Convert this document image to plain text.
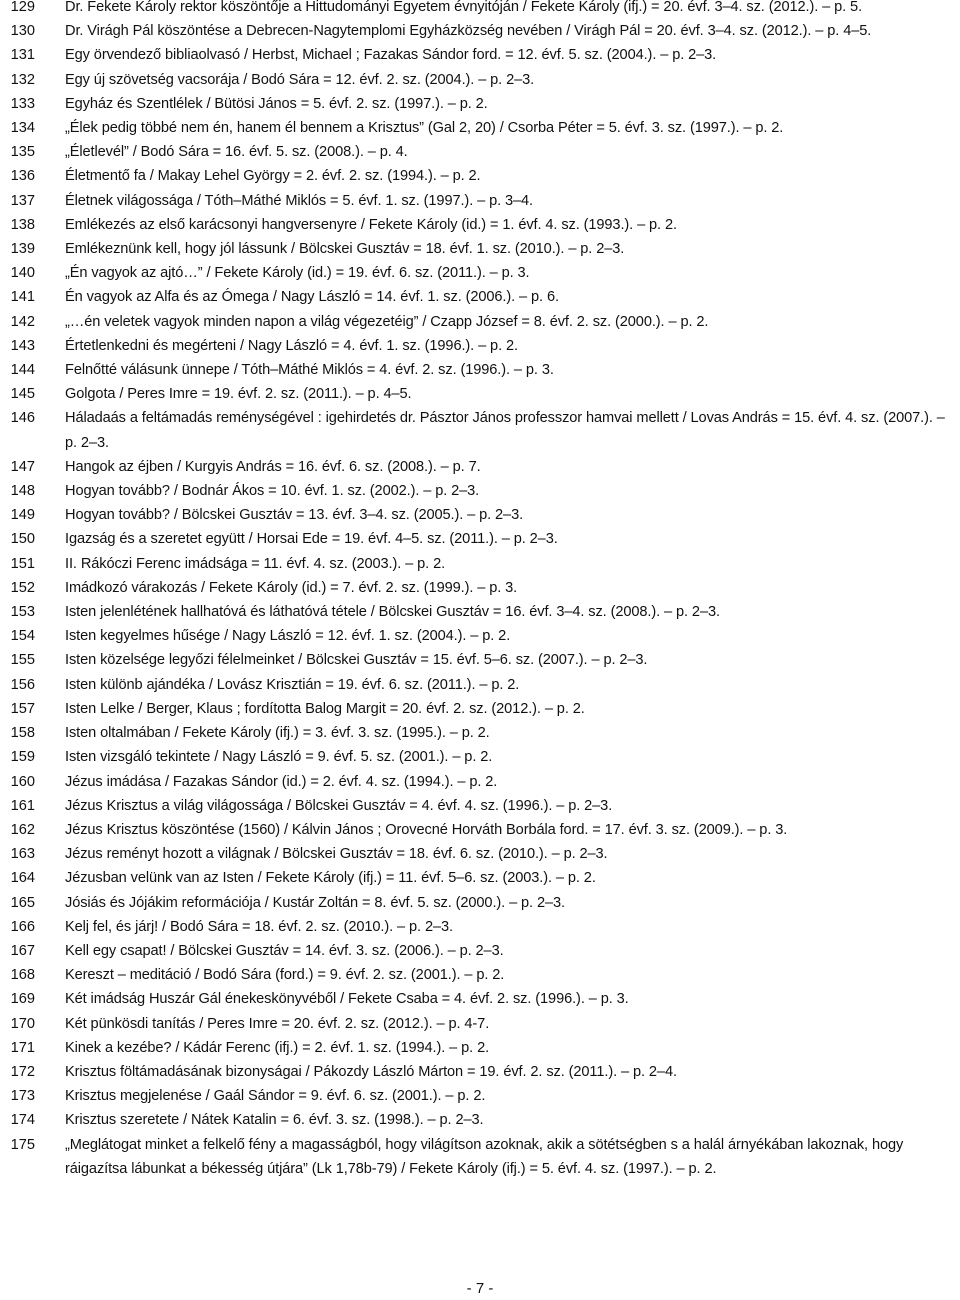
129	Dr. Fekete Károly rektor köszöntője a Hittudományi Egyetem évnyitóján / Fekete Károly (ifj.) = 20. évf. 3–4. sz. (2012.). – p. 5.
130	Dr. Virágh Pál köszöntése a Debrecen-Nagytemplomi Egyházközség nevében / Virágh Pál = 20. évf. 3–4. sz. (2012.). – p. 4–5.
131	Egy örvendező bibliaolvasó / Herbst, Michael ; Fazakas Sándor ford. = 12. évf. 5. sz. (2004.). – p. 2–3.
132	Egy új szövetség vacsorája / Bodó Sára = 12. évf. 2. sz. (2004.). – p. 2–3.
133	Egyház és Szentlélek / Bütösi János = 5. évf. 2. sz. (1997.). – p. 2.
134	„Élek pedig többé nem én, hanem él bennem a Krisztus” (Gal 2, 20) / Csorba Péter = 5. évf. 3. sz. (1997.). – p. 2.
135	„Életlevél” / Bodó Sára = 16. évf. 5. sz. (2008.). – p. 4.
136	Életmentő fa / Makay Lehel György = 2. évf. 2. sz. (1994.). – p. 2.
137	Életnek világossága / Tóth–Máthé Miklós = 5. évf. 1. sz. (1997.). – p. 3–4.
138	Emlékezés az első karácsonyi hangversenyre / Fekete Károly (id.) = 1. évf. 4. sz. (1993.). – p. 2.
139	Emlékeznünk kell, hogy jól lássunk / Bölcskei Gusztáv = 18. évf. 1. sz. (2010.). – p. 2–3.
140	„Én vagyok az ajtó…” / Fekete Károly (id.) = 19. évf. 6. sz. (2011.). – p. 3.
141	Én vagyok az Alfa és az Ómega / Nagy László = 14. évf. 1. sz. (2006.). – p. 6.
142	„…én veletek vagyok minden napon a világ végezetéig” / Czapp József = 8. évf. 2. sz. (2000.). – p. 2.
143	Értetlenkedni és megérteni / Nagy László = 4. évf. 1. sz. (1996.). – p. 2.
144	Felnőtté válásunk ünnepe / Tóth–Máthé Miklós = 4. évf. 2. sz. (1996.). – p. 3.
145	Golgota / Peres Imre = 19. évf. 2. sz. (2011.). – p. 4–5.
146	Háladaás a feltámadás reménységével : igehirdetés dr. Pásztor János professzor hamvai mellett / Lovas András = 15. évf. 4. sz. (2007.). – p. 2–3.
147	Hangok az éjben / Kurgyis András = 16. évf. 6. sz. (2008.). – p. 7.
148	Hogyan tovább? / Bodnár Ákos = 10. évf. 1. sz. (2002.). – p. 2–3.
149	Hogyan tovább? / Bölcskei Gusztáv = 13. évf. 3–4. sz. (2005.). – p. 2–3.
150	Igazság és a szeretet együtt / Horsai Ede = 19. évf. 4–5. sz. (2011.). – p. 2–3.
151	II. Rákóczi Ferenc imádsága = 11. évf. 4. sz. (2003.). – p. 2.
152	Imádkozó várakozás / Fekete Károly (id.) = 7. évf. 2. sz. (1999.). – p. 3.
153	Isten jelenlétének hallhatóvá és láthatóvá tétele / Bölcskei Gusztáv = 16. évf. 3–4. sz. (2008.). – p. 2–3.
154	Isten kegyelmes hűsége / Nagy László = 12. évf. 1. sz. (2004.). – p. 2.
155	Isten közelsége legyőzi félelmeinket / Bölcskei Gusztáv = 15. évf. 5–6. sz. (2007.). – p. 2–3.
156	Isten különb ajándéka / Lovász Krisztián = 19. évf. 6. sz. (2011.). – p. 2.
157	Isten Lelke / Berger, Klaus ; fordította Balog Margit = 20. évf. 2. sz. (2012.). – p. 2.
158	Isten oltalmában / Fekete Károly (ifj.) = 3. évf. 3. sz. (1995.). – p. 2.
159	Isten vizsgáló tekintete / Nagy László = 9. évf. 5. sz. (2001.). – p. 2.
160	Jézus imádása / Fazakas Sándor (id.) = 2. évf. 4. sz. (1994.). – p. 2.
161	Jézus Krisztus a világ világossága / Bölcskei Gusztáv = 4. évf. 4. sz. (1996.). – p. 2–3.
162	Jézus Krisztus köszöntése (1560) / Kálvin János ; Orovecné Horváth Borbála ford. = 17. évf. 3. sz. (2009.). – p. 3.
163	Jézus reményt hozott a világnak / Bölcskei Gusztáv = 18. évf. 6. sz. (2010.). – p. 2–3.
164	Jézusban velünk van az Isten / Fekete Károly (ifj.) = 11. évf. 5–6. sz. (2003.). – p. 2.
165	Jósiás és Jójákim reformációja / Kustár Zoltán = 8. évf. 5. sz. (2000.). – p. 2–3.
166	Kelj fel, és járj! / Bodó Sára = 18. évf. 2. sz. (2010.). – p. 2–3.
167	Kell egy csapat! / Bölcskei Gusztáv = 14. évf. 3. sz. (2006.). – p. 2–3.
168	Kereszt – meditáció / Bodó Sára (ford.) = 9. évf. 2. sz. (2001.). – p. 2.
169	Két imádság Huszár Gál énekeskönyvéből / Fekete Csaba = 4. évf. 2. sz. (1996.). – p. 3.
170	Két pünkösdi tanítás / Peres Imre = 20. évf. 2. sz. (2012.). – p. 4-7.
171	Kinek a kezébe? / Kádár Ferenc (ifj.) = 2. évf. 1. sz. (1994.). – p. 2.
172	Krisztus föltámadásának bizonyságai / Pákozdy László Márton = 19. évf. 2. sz. (2011.). – p. 2–4.
173	Krisztus megjelenése / Gaál Sándor = 9. évf. 6. sz. (2001.). – p. 2.
174	Krisztus szeretete / Nátek Katalin = 6. évf. 3. sz. (1998.). – p. 2–3.
175	„Meglátogat minket a felkelő fény a magasságból, hogy világítson azoknak, akik a sötétségben s a halál árnyékában lakoznak, hogy ráigazítsa lábunkat a békesség útjára” (Lk 1,78b-79) / Fekete Károly (ifj.) = 5. évf. 4. sz. (1997.). – p. 2.
- 7 -
